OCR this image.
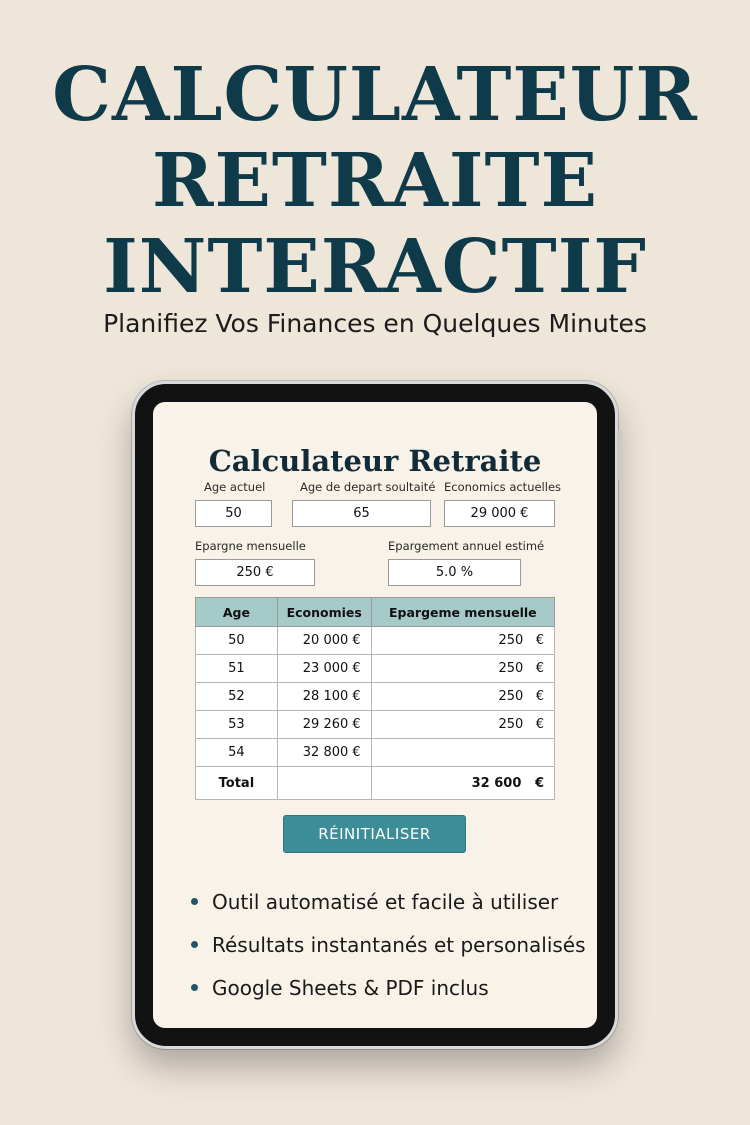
CALCULATEUR
RETRAITE
INTERACTIF
Planifiez Vos Finances en Quelques Minutes
Calculateur Retraite
Age actuel
50
Age de depart soultaité
65
Economics actuelles
29 000 €
Epargne mensuelle
250 €
Epargement annuel estimé
5.0 %
Age	Economies	Epargeme mensuelle
50	20 000 €	250   €
51	23 000 €	250   €
52	28 100 €	250   €
53	29 260 €	250   €
54	32 800 €	
Total		32 600   €
RÉINITIALISER
Outil automatisé et facile à utiliser
Résultats instantanés et personalisés
Google Sheets & PDF inclus
